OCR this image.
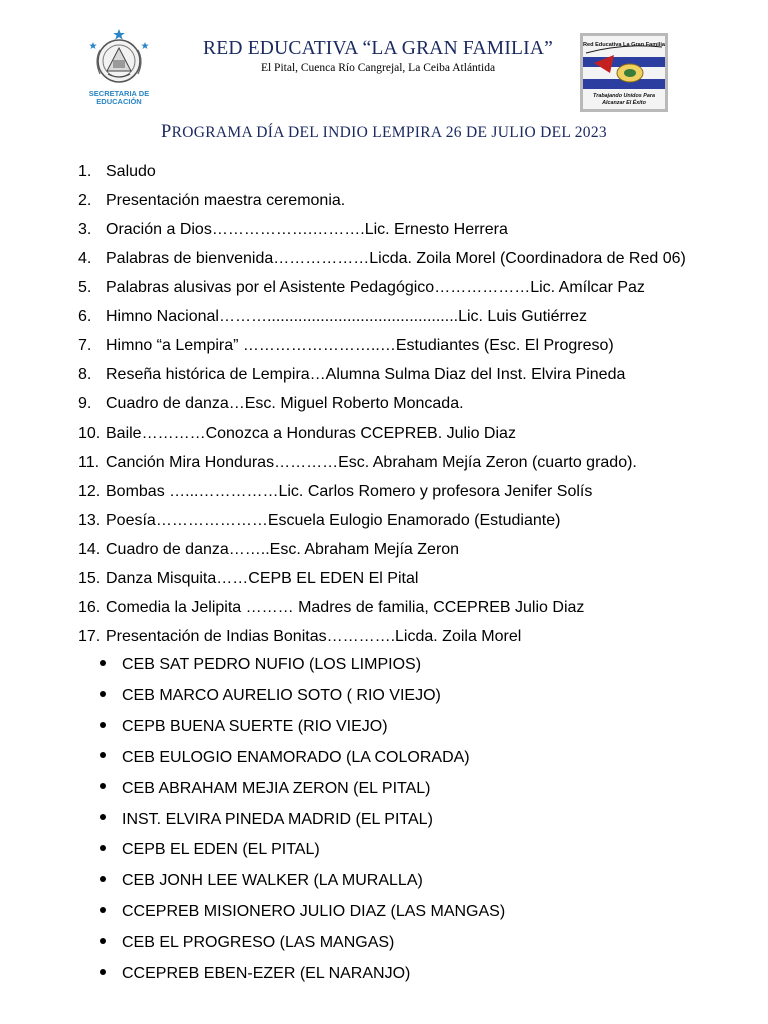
SECRETARIA DE
EDUCACIÓN
RED EDUCATIVA “LA GRAN FAMILIA”
El Pital, Cuenca Río Cangrejal, La Ceiba Atlántida
Red Educativa La Gran Familia
Trabajando Unidos Para
Alcanzar El Éxito
PROGRAMA DÍA DEL INDIO LEMPIRA 26 DE JULIO DEL 2023
1. Saludo
2. Presentación maestra ceremonia.
3. Oración a Dios……………….……….Lic. Ernesto Herrera
4. Palabras de bienvenida………………Licda. Zoila Morel (Coordinadora de Red 06)
5. Palabras alusivas por el Asistente Pedagógico………………Lic. Amílcar Paz
6. Himno Nacional………...........................................Lic. Luis Gutiérrez
7. Himno “a Lempira” ……………………..…Estudiantes (Esc. El Progreso)
8. Reseña histórica de Lempira…Alumna Sulma Diaz del Inst. Elvira Pineda
9. Cuadro de danza…Esc. Miguel Roberto Moncada.
10. Baile…………Conozca a Honduras CCEPREB. Julio Diaz
11. Canción Mira Honduras…………Esc. Abraham Mejía Zeron (cuarto grado).
12. Bombas …...……………Lic. Carlos Romero y profesora Jenifer Solís
13. Poesía…………………Escuela Eulogio Enamorado (Estudiante)
14. Cuadro de danza……..Esc. Abraham Mejía Zeron
15. Danza Misquita……CEPB EL EDEN El Pital
16. Comedia la Jelipita ……… Madres de familia, CCEPREB Julio Diaz
17. Presentación de Indias Bonitas………….Licda. Zoila Morel
CEB SAT PEDRO NUFIO (LOS LIMPIOS)
CEB MARCO AURELIO SOTO ( RIO VIEJO)
CEPB BUENA SUERTE (RIO VIEJO)
CEB EULOGIO ENAMORADO (LA COLORADA)
CEB ABRAHAM MEJIA ZERON (EL PITAL)
INST. ELVIRA PINEDA MADRID (EL PITAL)
CEPB EL EDEN (EL PITAL)
CEB JONH LEE WALKER (LA MURALLA)
CCEPREB MISIONERO JULIO DIAZ (LAS MANGAS)
CEB EL PROGRESO (LAS MANGAS)
CCEPREB EBEN-EZER (EL NARANJO)
